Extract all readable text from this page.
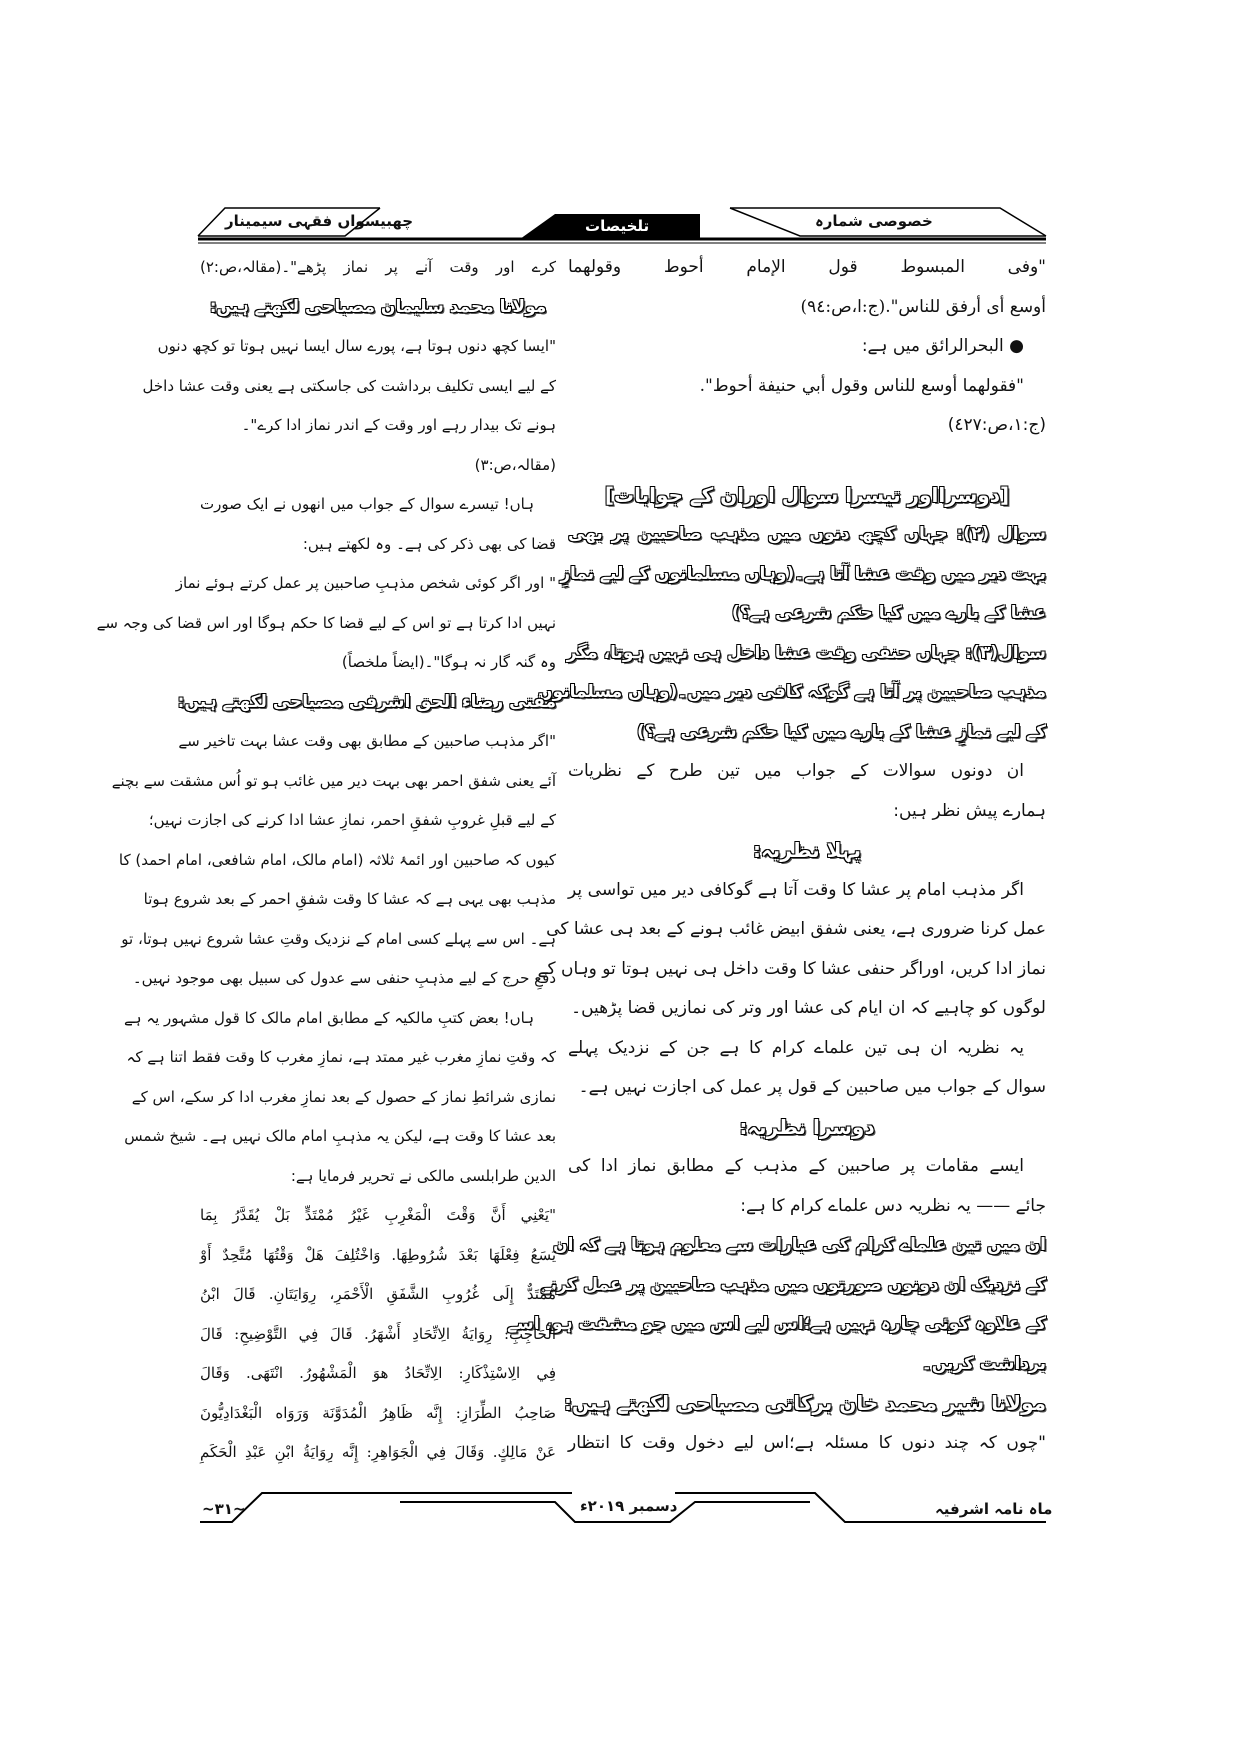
خصوصی شمارہ
تلخیصات
چھبیسواں فقہی سیمینار
"وفی المبسوط قول الإمام أحوط وقولهما
أوسع أی أرفق للناس".(ج:ا،ص:٩٤)
● البحرالرائق میں ہے:
"فقولهما أوسع للناس وقول أبي حنيفة أحوط".
(ج:١،ص:٤٢٧)
[دوسرااور تیسرا سوال اوران کے جوابات]
سوال (۲): جہاں کچھ دنوں میں مذہب صاحبین پر بھی
بہت دیر میں وقت عشا آتا ہے۔(وہاں مسلمانوں کے لیے نمازِ
عشا کے بارے میں کیا حکم شرعی ہے؟)
سوال(۳): جہاں حنفی وقت عشا داخل ہی نہیں ہوتا، مگر
مذہب صاحبین پر آتا ہے گوکہ کافی دیر میں۔(وہاں مسلمانوں
کے لیے نمازِ عشا کے بارے میں کیا حکم شرعی ہے؟)
ان دونوں سوالات کے جواب میں تین طرح کے نظریات
ہمارے پیش نظر ہیں:
پہلا نظریہ:
اگر مذہب امام پر عشا کا وقت آتا ہے گوکافی دیر میں تواسی پر
عمل کرنا ضروری ہے، یعنی شفق ابیض غائب ہونے کے بعد ہی عشا کی
نماز ادا کریں، اوراگر حنفی عشا کا وقت داخل ہی نہیں ہوتا تو وہاں کے
لوگوں کو چاہیے کہ ان ایام کی عشا اور وتر کی نمازیں قضا پڑھیں۔
یہ نظریہ ان ہی تین علماے کرام کا ہے جن کے نزدیک پہلے
سوال کے جواب میں صاحبین کے قول پر عمل کی اجازت نہیں ہے۔
دوسرا نظریہ:
ایسے مقامات پر صاحبین کے مذہب کے مطابق نماز ادا کی
جائے —— یہ نظریہ دس علماے کرام کا ہے:
ان میں تین علماے کرام کی عبارات سے معلوم ہوتا ہے کہ ان
کے نزدیک ان دونوں صورتوں میں مذہب صاحبین پر عمل کرنے
کے علاوہ کوئی چارہ نہیں ہے؛اس لیے اس میں جو مشقت ہو، اسے
برداشت کریں۔
مولانا شیر محمد خان برکاتی مصباحی لکھتے ہیں:
"چوں کہ چند دنوں کا مسئلہ ہے؛اس لیے دخول وقت کا انتظار
کرے اور وقت آنے پر نماز پڑھے"۔(مقالہ،ص:۲)
مولانا محمد سلیمان مصباحی لکھتے ہیں:
"ایسا کچھ دنوں ہوتا ہے، پورے سال ایسا نہیں ہوتا تو کچھ دنوں
کے لیے ایسی تکلیف برداشت کی جاسکتی ہے یعنی وقت عشا داخل
ہونے تک بیدار رہے اور وقت کے اندر نماز ادا کرے"۔
(مقالہ،ص:۳)
ہاں! تیسرے سوال کے جواب میں انھوں نے ایک صورت
قضا کی بھی ذکر کی ہے۔ وہ لکھتے ہیں:
" اور اگر کوئی شخص مذہبِ صاحبین پر عمل کرتے ہوئے نماز
نہیں ادا کرتا ہے تو اس کے لیے قضا کا حکم ہوگا اور اس قضا کی وجہ سے
وہ گنہ گار نہ ہوگا"۔(ایضاً ملخصاً)
مفتی رضاء الحق اشرفی مصباحی لکھتے ہیں:
"اگر مذہب صاحبین کے مطابق بھی وقت عشا بہت تاخیر سے
آئے یعنی شفق احمر بھی بہت دیر میں غائب ہو تو اُس مشقت سے بچنے
کے لیے قبلِ غروبِ شفقِ احمر، نمازِ عشا ادا کرنے کی اجازت نہیں؛
کیوں کہ صاحبین اور ائمۂ ثلاثہ (امام مالک، امام شافعی، امام احمد) کا
مذہب بھی یہی ہے کہ عشا کا وقت شفقِ احمر کے بعد شروع ہوتا
ہے۔ اس سے پہلے کسی امام کے نزدیک وقتِ عشا شروع نہیں ہوتا، تو
دفعِ حرج کے لیے مذہبِ حنفی سے عدول کی سبیل بھی موجود نہیں۔
ہاں! بعض کتبِ مالکیہ کے مطابق امام مالک کا قول مشہور یہ ہے
کہ وقتِ نمازِ مغرب غیر ممتد ہے، نمازِ مغرب کا وقت فقط اتنا ہے کہ
نمازی شرائطِ نماز کے حصول کے بعد نمازِ مغرب ادا کر سکے، اس کے
بعد عشا کا وقت ہے، لیکن یہ مذہبِ امام مالک نہیں ہے۔ شیخ شمس
الدین طرابلسی مالکی نے تحریر فرمایا ہے:
"يَعْنِي أَنَّ وَقْتَ الْمَغْرِبِ غَيْرُ مُمْتَدٍّ بَلْ يُقَدَّرُ بِمَا
يَسَعُ فِعْلَهَا بَعْدَ شُرُوطِهَا. وَاخْتُلِفَ هَلْ وَقْتُهَا مُتَّحِدٌ أَوْ
مُمْتَدٌّ إِلَى غُرُوبِ الشَّفَقِ الْأَحْمَرِ، رِوَايَتَانِ. قَالَ ابْنُ
الْحَاجِبِ: رِوَايَةُ الِاتِّحَادِ أَشْهَرُ. قَالَ فِي التَّوْضِيحِ: قَالَ
فِي الِاسْتِذْكَارِ: الِاتِّحَادُ هوَ الْمَشْهُورُ. انْتَهَى. وَقَالَ
صَاحِبُ الطِّرَازِ: إِنَّه ظَاهِرُ الْمُدَوَّنَة وَرَوَاه الْبَغْدَادِيُّونَ
عَنْ مَالِكٍ. وَقَالَ فِي الْجَوَاهِرِ: إِنَّه رِوَايَةُ ابْنِ عَبْدِ الْحَكَمِ
ماہ نامہ اشرفیہ
دسمبر ۲۰۱۹ء
~۳۱~
